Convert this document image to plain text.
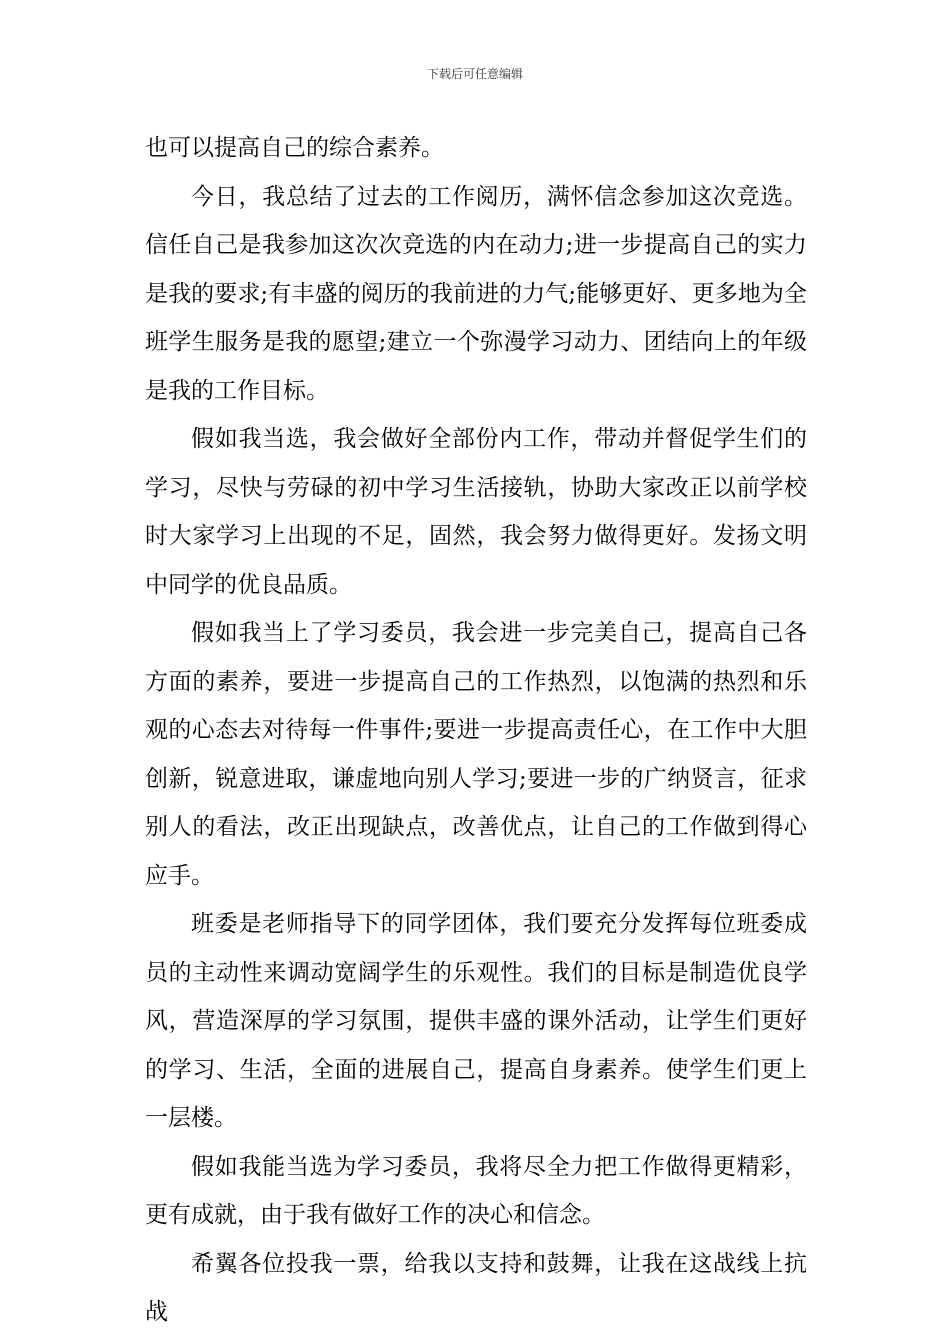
下载后可任意编辑

也可以提高自己的综合素养。

今日，我总结了过去的工作阅历，满怀信念参加这次竞选。信任自己是我参加这次次竞选的内在动力;进一步提高自己的实力是我的要求;有丰盛的阅历的我前进的力气;能够更好、更多地为全班学生服务是我的愿望;建立一个弥漫学习动力、团结向上的年级是我的工作目标。

假如我当选，我会做好全部份内工作，带动并督促学生们的学习，尽快与劳碌的初中学习生活接轨，协助大家改正以前学校时大家学习上出现的不足，固然，我会努力做得更好。发扬文明中同学的优良品质。

假如我当上了学习委员，我会进一步完美自己，提高自己各方面的素养，要进一步提高自己的工作热烈，以饱满的热烈和乐观的心态去对待每一件事件;要进一步提高责任心，在工作中大胆创新，锐意进取，谦虚地向别人学习;要进一步的广纳贤言，征求别人的看法，改正出现缺点，改善优点，让自己的工作做到得心应手。

班委是老师指导下的同学团体，我们要充分发挥每位班委成员的主动性来调动宽阔学生的乐观性。我们的目标是制造优良学风，营造深厚的学习氛围，提供丰盛的课外活动，让学生们更好的学习、生活，全面的进展自己，提高自身素养。使学生们更上一层楼。

假如我能当选为学习委员，我将尽全力把工作做得更精彩，更有成就，由于我有做好工作的决心和信念。

希翼各位投我一票，给我以支持和鼓舞，让我在这战线上抗战
